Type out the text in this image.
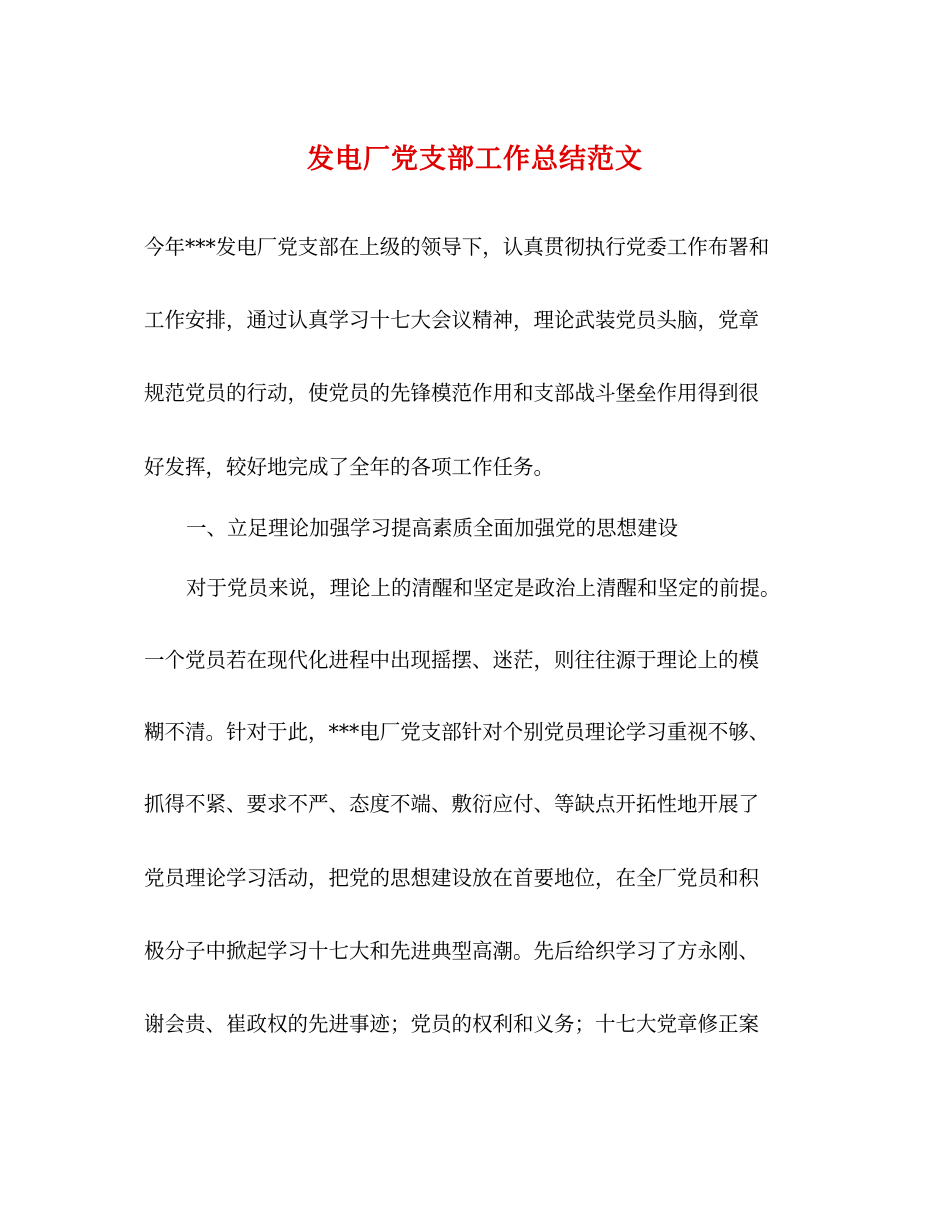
发电厂党支部工作总结范文
今年***发电厂党支部在上级的领导下，认真贯彻执行党委工作布署和
工作安排，通过认真学习十七大会议精神，理论武装党员头脑，党章
规范党员的行动，使党员的先锋模范作用和支部战斗堡垒作用得到很
好发挥，较好地完成了全年的各项工作任务。
一、立足理论加强学习提高素质全面加强党的思想建设
对于党员来说，理论上的清醒和坚定是政治上清醒和坚定的前提。
一个党员若在现代化进程中出现摇摆、迷茫，则往往源于理论上的模
糊不清。针对于此，***电厂党支部针对个别党员理论学习重视不够、
抓得不紧、要求不严、态度不端、敷衍应付、等缺点开拓性地开展了
党员理论学习活动，把党的思想建设放在首要地位，在全厂党员和积
极分子中掀起学习十七大和先进典型高潮。先后给织学习了方永刚、
谢会贵、崔政权的先进事迹；党员的权利和义务；十七大党章修正案
